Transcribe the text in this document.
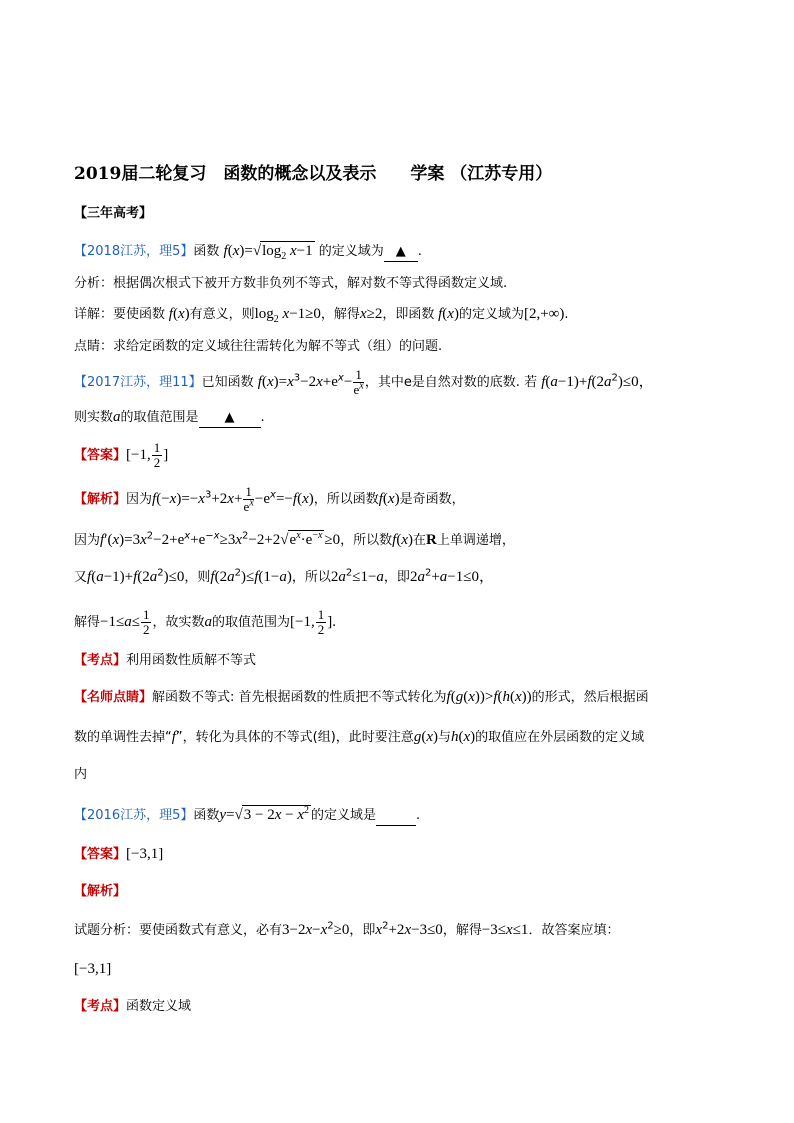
2019届二轮复习　函数的概念以及表示　　学案 （江苏专用）
【三年高考】
【2018江苏，理5】函数 $f(x)=√\log_2$ x−1 的定义域为 ▲ .
分析：根据偶次根式下被开方数非负列不等式，解对数不等式得函数定义域.
详解：要使函数 f(x)有意义，则$\log_2 x-1\ge 0$，解得x≥2，即函数 f(x)的定义域为[2,+∞).
点睛：求给定函数的定义域往往需转化为解不等式（组）的问题.
【2017江苏，理11】已知函数 $f(x)=x^3-2x+e^x- \frac{1}{e^x}$ ，其中e是自然对数的底数. 若 $f(a-1)+f(2a^2)\le 0$，
则实数a的取值范围是 ▲ .
【答案】[−1, $\frac{1}{2}$ ]
【解析】因为$f(-x)=-x^3+2x+ \frac{1}{e^x} -e^x=-f(x)$，所以函数f(x)是奇函数，
因为$f'(x)=3x^2-2+e^x+e^{-x}\ge 3x^2-2+2√e^x\cdot e^{-x} \ge 0$，所以数f(x)在R上单调递增，
又$f(a-1)+f(2a^2)\le 0$，则$f(2a^2)\le f(1-a)$，所以$2a^2\le 1-a$，即$2a^2+a-1\le 0$，
解得$-1\le a\le \frac{1}{2}$ ，故实数a的取值范围为[−1, $\frac{1}{2}$ ].
【考点】利用函数性质解不等式
【名师点睛】解函数不等式: 首先根据函数的性质把不等式转化为f(g(x))>f(h(x))的形式，然后根据函
数的单调性去掉“f”，转化为具体的不等式(组)，此时要注意g(x)与h(x)的取值应在外层函数的定义域
内
【2016江苏，理5】函数$y=√3 - 2x - x^2$ 的定义域是	.
【答案】[−3,1]
【解析】
试题分析：要使函数式有意义，必有$3-2x-x^2\ge 0$，即$x^2+2x-3\le 0$，解得−3≤x≤1．故答案应填：
[−3,1]
【考点】函数定义域
